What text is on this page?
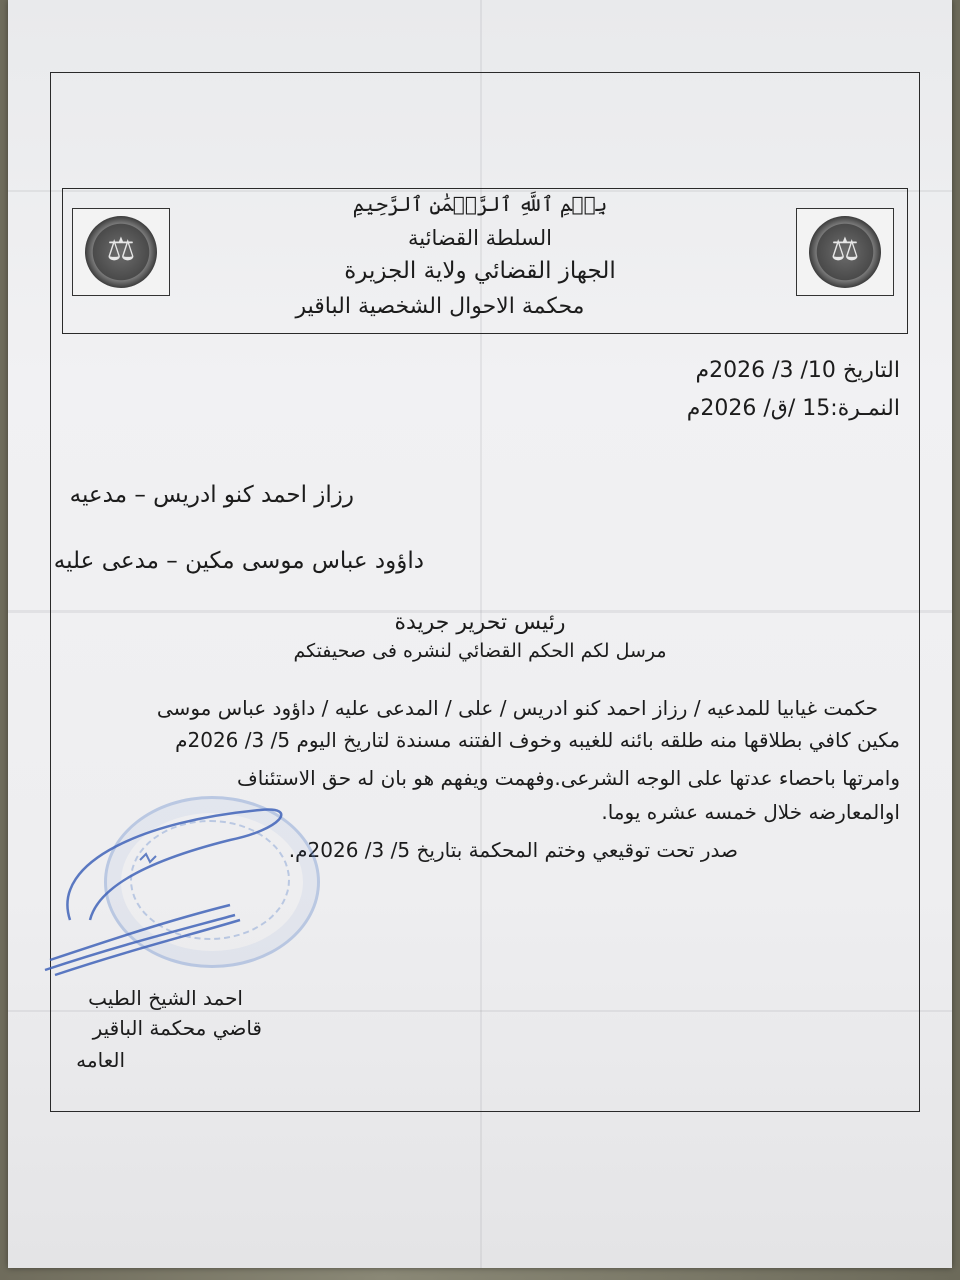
⚖
⚖
بِسۡمِ ٱللَّهِ ٱلرَّحۡمَٰنِ ٱلرَّحِيمِ
السلطة القضائية
الجهاز القضائي ولاية الجزيرة
محكمة الاحوال الشخصية الباقير
التاريخ 10/ 3/ 2026م
النمـرة:15 /ق/ 2026م
رزاز احمد كنو ادريس – مدعيه
داؤود عباس موسى مكين – مدعى عليه
رئيس تحرير جريدة
مرسل لكم الحكم القضائي لنشره فى صحيفتكم
حكمت غيابيا للمدعيه / رزاز احمد كنو ادريس / على / المدعى عليه / داؤود عباس موسى
مكين كافي بطلاقها منه طلقه بائنه للغيبه وخوف الفتنه مسندة لتاريخ اليوم 5/ 3/ 2026م
وامرتها باحصاء عدتها على الوجه الشرعى.وفهمت ويفهم هو بان له حق الاستئناف
اوالمعارضه خلال خمسه عشره يوما.
صدر تحت توقيعي وختم المحكمة بتاريخ 5/ 3/ 2026م.
احمد الشيخ الطيب
قاضي محكمة الباقير
العامه
